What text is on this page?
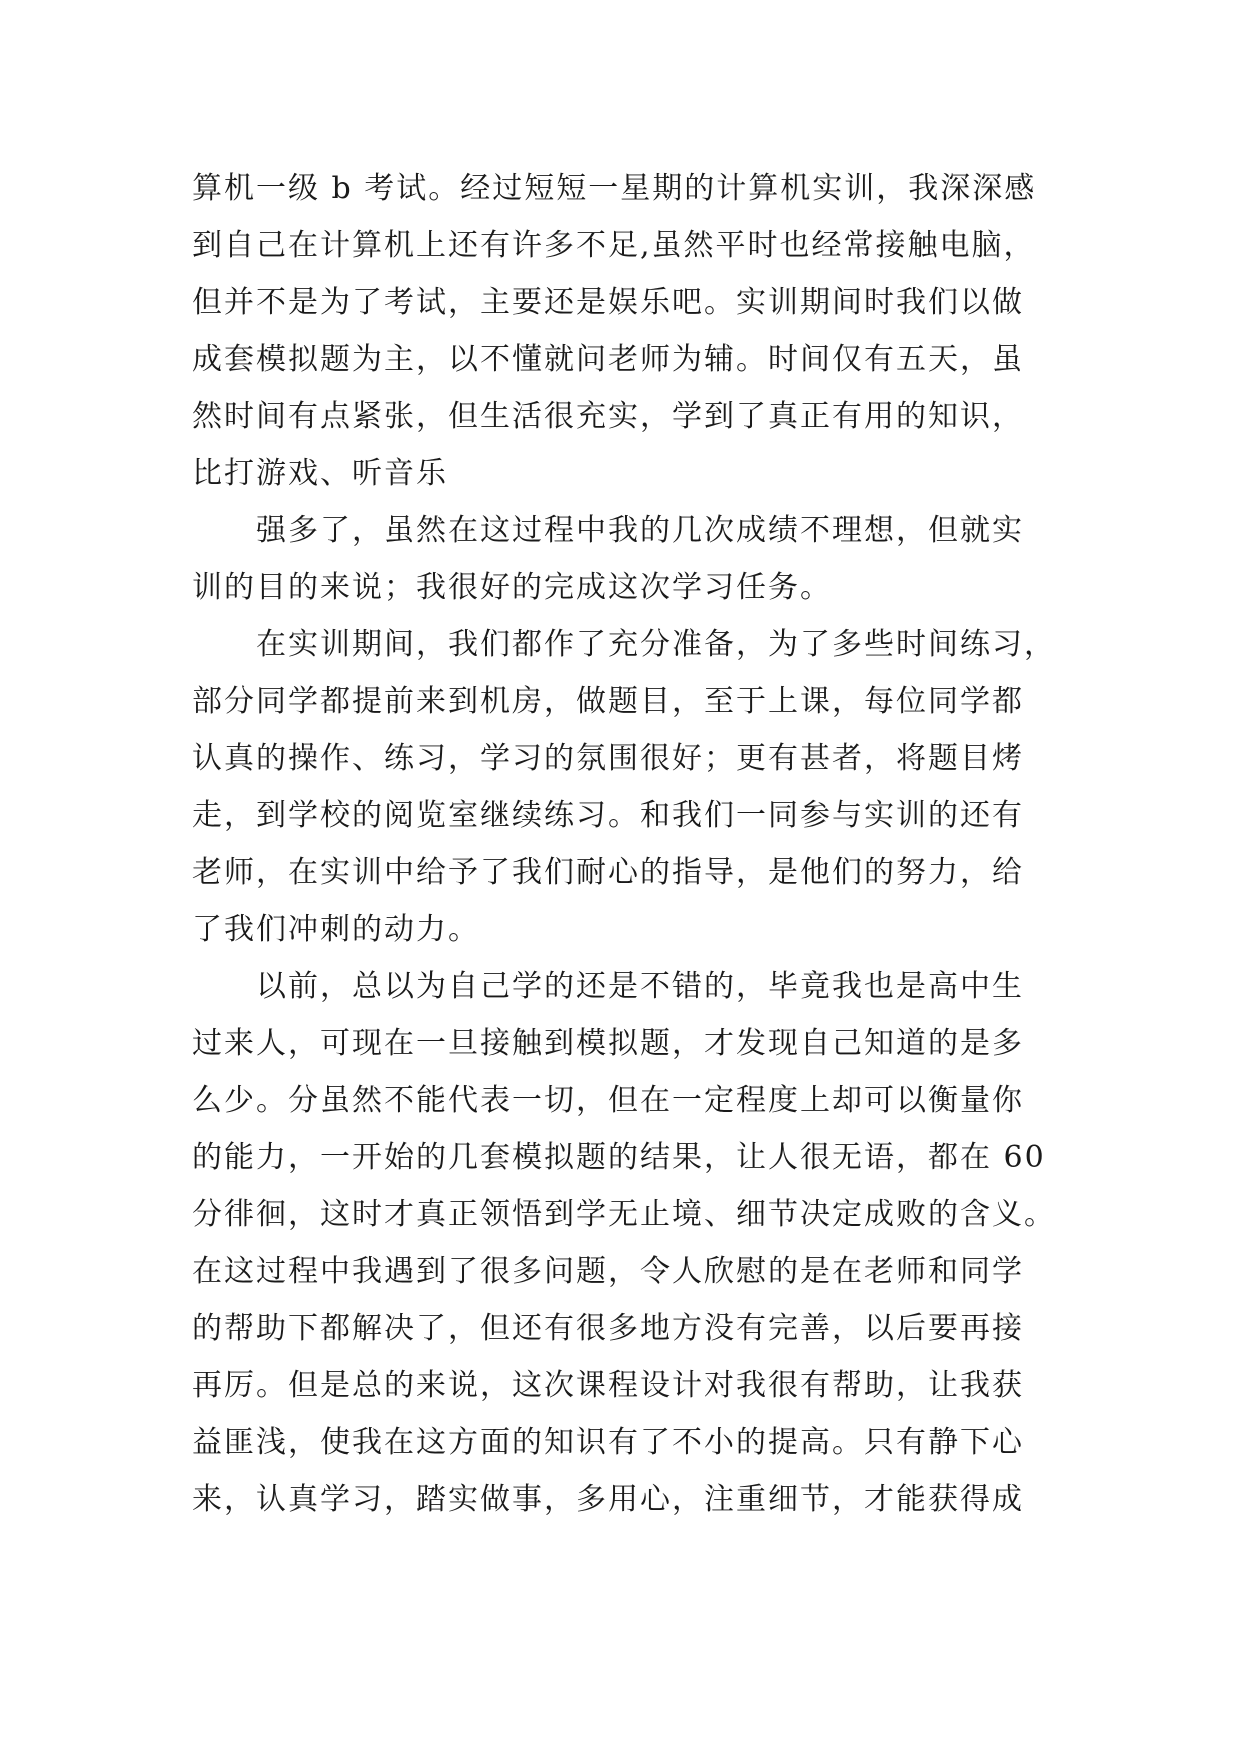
算机一级 b 考试。经过短短一星期的计算机实训，我深深感
到自己在计算机上还有许多不足,虽然平时也经常接触电脑，
但并不是为了考试，主要还是娱乐吧。实训期间时我们以做
成套模拟题为主，以不懂就问老师为辅。时间仅有五天，虽
然时间有点紧张，但生活很充实，学到了真正有用的知识，
比打游戏、听音乐
强多了，虽然在这过程中我的几次成绩不理想，但就实
训的目的来说；我很好的完成这次学习任务。
在实训期间，我们都作了充分准备，为了多些时间练习，
部分同学都提前来到机房，做题目，至于上课，每位同学都
认真的操作、练习，学习的氛围很好；更有甚者，将题目烤
走，到学校的阅览室继续练习。和我们一同参与实训的还有
老师，在实训中给予了我们耐心的指导，是他们的努力，给
了我们冲刺的动力。
以前，总以为自己学的还是不错的，毕竟我也是高中生
过来人，可现在一旦接触到模拟题，才发现自己知道的是多
么少。分虽然不能代表一切，但在一定程度上却可以衡量你
的能力，一开始的几套模拟题的结果，让人很无语，都在 60
分徘徊，这时才真正领悟到学无止境、细节决定成败的含义。
在这过程中我遇到了很多问题，令人欣慰的是在老师和同学
的帮助下都解决了，但还有很多地方没有完善，以后要再接
再厉。但是总的来说，这次课程设计对我很有帮助，让我获
益匪浅，使我在这方面的知识有了不小的提高。只有静下心
来，认真学习，踏实做事，多用心，注重细节，才能获得成
